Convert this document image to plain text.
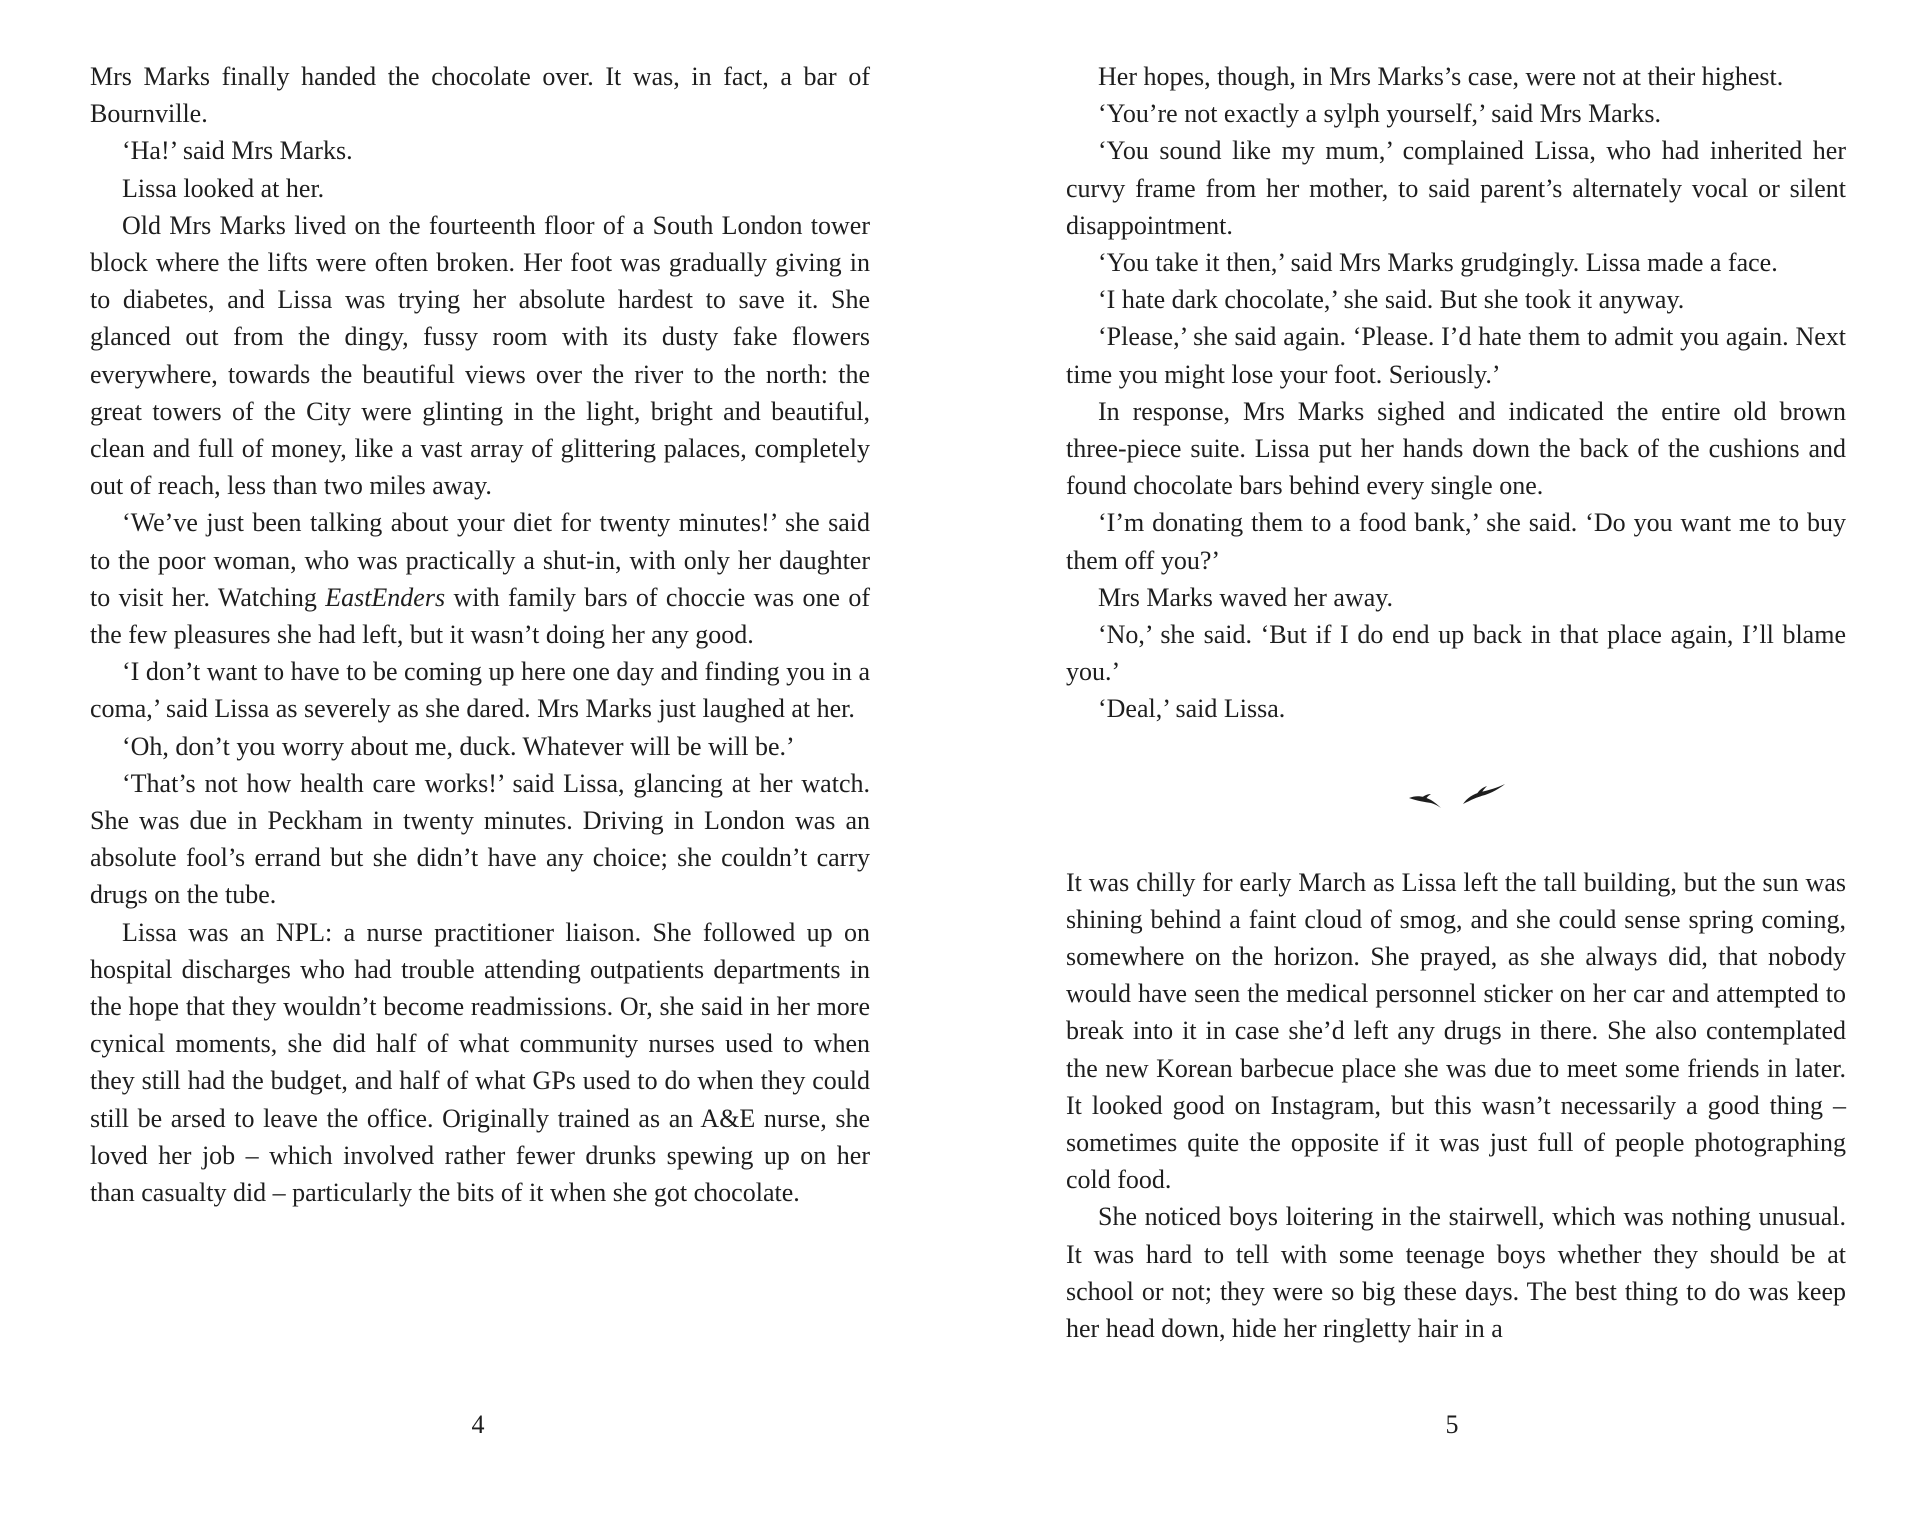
Mrs Marks finally handed the chocolate over. It was, in fact, a bar of Bournville.

‘Ha!’ said Mrs Marks.

Lissa looked at her.

Old Mrs Marks lived on the fourteenth floor of a South London tower block where the lifts were often broken. Her foot was gradually giving in to diabetes, and Lissa was trying her absolute hardest to save it. She glanced out from the dingy, fussy room with its dusty fake flowers everywhere, towards the beautiful views over the river to the north: the great towers of the City were glinting in the light, bright and beautiful, clean and full of money, like a vast array of glittering palaces, completely out of reach, less than two miles away.

‘We’ve just been talking about your diet for twenty minutes!’ she said to the poor woman, who was practically a shut-in, with only her daughter to visit her. Watching EastEnders with family bars of choccie was one of the few pleasures she had left, but it wasn’t doing her any good.

‘I don’t want to have to be coming up here one day and finding you in a coma,’ said Lissa as severely as she dared. Mrs Marks just laughed at her.

‘Oh, don’t you worry about me, duck. Whatever will be will be.’

‘That’s not how health care works!’ said Lissa, glancing at her watch. She was due in Peckham in twenty minutes. Driving in London was an absolute fool’s errand but she didn’t have any choice; she couldn’t carry drugs on the tube.

Lissa was an NPL: a nurse practitioner liaison. She followed up on hospital discharges who had trouble attending outpatients departments in the hope that they wouldn’t become readmissions. Or, she said in her more cynical moments, she did half of what community nurses used to when they still had the budget, and half of what GPs used to do when they could still be arsed to leave the office. Originally trained as an A&E nurse, she loved her job – which involved rather fewer drunks spewing up on her than casualty did – particularly the bits of it when she got chocolate.

Her hopes, though, in Mrs Marks’s case, were not at their highest.

‘You’re not exactly a sylph yourself,’ said Mrs Marks.

‘You sound like my mum,’ complained Lissa, who had inherited her curvy frame from her mother, to said parent’s alternately vocal or silent disappointment.

‘You take it then,’ said Mrs Marks grudgingly. Lissa made a face.

‘I hate dark chocolate,’ she said. But she took it anyway.

‘Please,’ she said again. ‘Please. I’d hate them to admit you again. Next time you might lose your foot. Seriously.’

In response, Mrs Marks sighed and indicated the entire old brown three-piece suite. Lissa put her hands down the back of the cushions and found chocolate bars behind every single one.

‘I’m donating them to a food bank,’ she said. ‘Do you want me to buy them off you?’

Mrs Marks waved her away.

‘No,’ she said. ‘But if I do end up back in that place again, I’ll blame you.’

‘Deal,’ said Lissa.

It was chilly for early March as Lissa left the tall building, but the sun was shining behind a faint cloud of smog, and she could sense spring coming, somewhere on the horizon. She prayed, as she always did, that nobody would have seen the medical personnel sticker on her car and attempted to break into it in case she’d left any drugs in there. She also contemplated the new Korean barbecue place she was due to meet some friends in later. It looked good on Instagram, but this wasn’t necessarily a good thing – sometimes quite the opposite if it was just full of people photographing cold food.

She noticed boys loitering in the stairwell, which was nothing unusual. It was hard to tell with some teenage boys whether they should be at school or not; they were so big these days. The best thing to do was keep her head down, hide her ringletty hair in a

4	5
